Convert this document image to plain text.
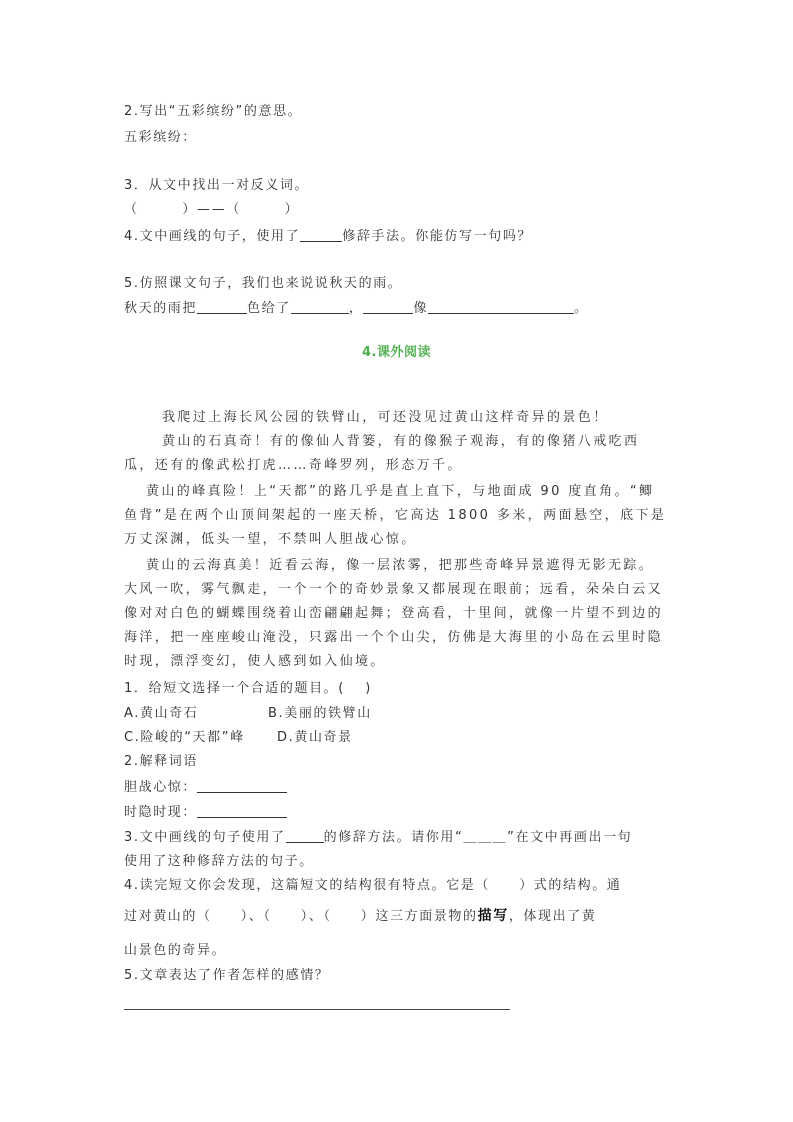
2.写出“五彩缤纷”的意思。
五彩缤纷：
3．从文中找出一对反义词。
（　　　）——（　　　）
4.文中画线的句子，使用了	修辞手法。你能仿写一句吗？
5.仿照课文句子，我们也来说说秋天的雨。
秋天的雨把	色给了	，	像	。
4.课外阅读
我爬过上海长风公园的铁臂山，可还没见过黄山这样奇异的景色！
黄山的石真奇！有的像仙人背篓，有的像猴子观海，有的像猪八戒吃西瓜，还有的像武松打虎……奇峰罗列，形态万千。
黄山的峰真险！上“天都”的路几乎是直上直下，与地面成 90 度直角。“鲫鱼背”是在两个山顶间架起的一座天桥，它高达 1800 多米，两面悬空，底下是万丈深渊，低头一望，不禁叫人胆战心惊。
黄山的云海真美！近看云海，像一层浓雾，把那些奇峰异景遮得无影无踪。大风一吹，雾气飘走，一个一个的奇妙景象又都展现在眼前；远看，朵朵白云又像对对白色的蝴蝶围绕着山峦翩翩起舞；登高看，十里间，就像一片望不到边的海洋，把一座座峻山淹没，只露出一个个山尖，仿佛是大海里的小岛在云里时隐时现，漂浮变幻，使人感到如入仙境。
1．给短文选择一个合适的题目。(　 )
A.黄山奇石	B.美丽的铁臂山
C.险峻的“天都”峰 D.黄山奇景
2.解释词语
胆战心惊：
时隐时现：
3.文中画线的句子使用了	的修辞方法。请你用“＿＿＿”在文中再画出一句
使用了这种修辞方法的句子。
4.读完短文你会发现，这篇短文的结构很有特点。它是（　　）式的结构。通
过对黄山的（　　）、（　　）、（　　）这三方面景物的描写，体现出了黄
山景色的奇异。
5.文章表达了作者怎样的感情？
